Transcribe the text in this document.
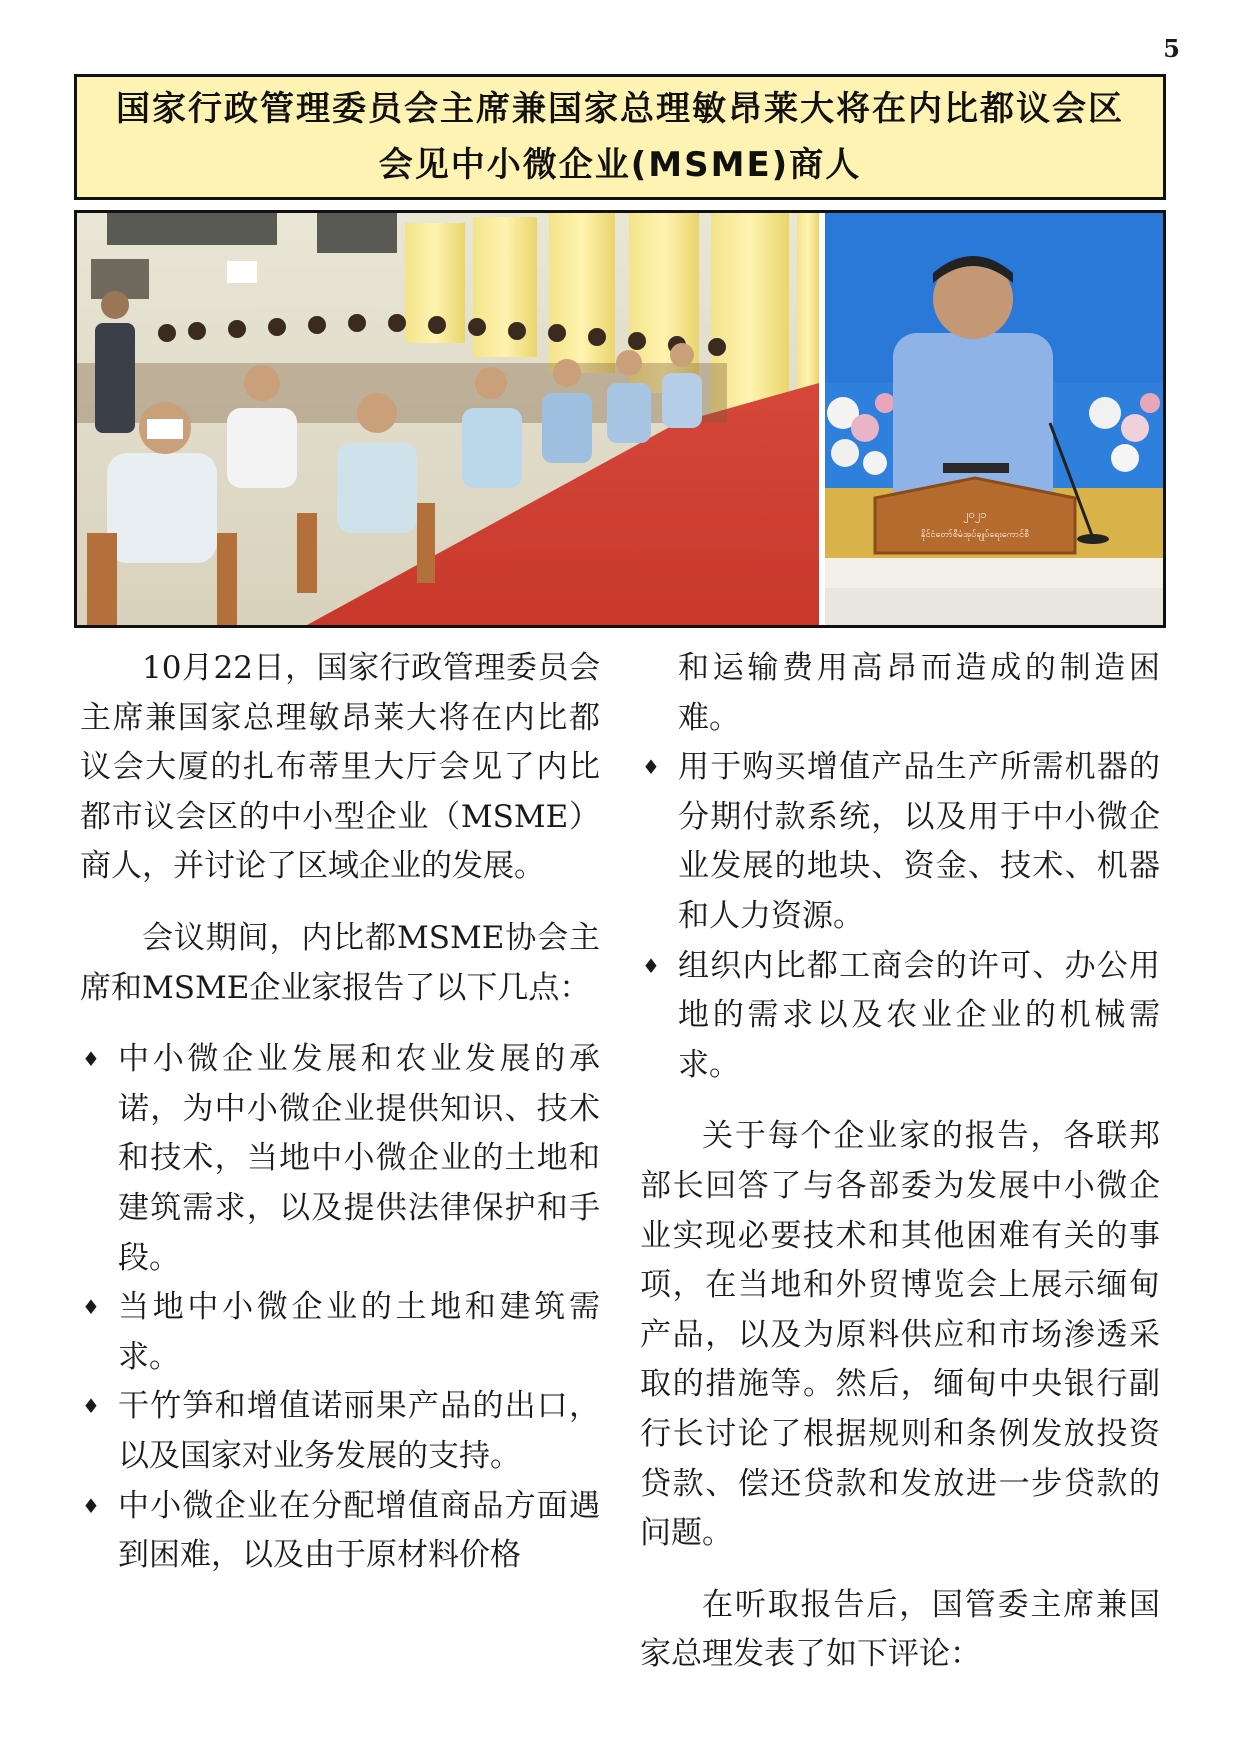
5
国家行政管理委员会主席兼国家总理敏昂莱大将在内比都议会区
会见中小微企业(MSME)商人
၂၀၂၁
နိုင်ငံတော်စီမံအုပ်ချုပ်ရေးကောင်စီ

10月22日，国家行政管理委员会主席兼国家总理敏昂莱大将在内比都议会大厦的扎布蒂里大厅会见了内比都市议会区的中小型企业（MSME）商人，并讨论了区域企业的发展。

会议期间，内比都MSME协会主席和MSME企业家报告了以下几点：

♦ 中小微企业发展和农业发展的承诺，为中小微企业提供知识、技术和技术，当地中小微企业的土地和建筑需求，以及提供法律保护和手段。
♦ 当地中小微企业的土地和建筑需求。
♦ 干竹笋和增值诺丽果产品的出口，以及国家对业务发展的支持。
♦ 中小微企业在分配增值商品方面遇到困难，以及由于原材料价格
和运输费用高昂而造成的制造困难。
♦ 用于购买增值产品生产所需机器的分期付款系统，以及用于中小微企业发展的地块、资金、技术、机器和人力资源。
♦ 组织内比都工商会的许可、办公用地的需求以及农业企业的机械需求。

关于每个企业家的报告，各联邦部长回答了与各部委为发展中小微企业实现必要技术和其他困难有关的事项，在当地和外贸博览会上展示缅甸产品，以及为原料供应和市场渗透采取的措施等。然后，缅甸中央银行副行长讨论了根据规则和条例发放投资贷款、偿还贷款和发放进一步贷款的问题。

在听取报告后，国管委主席兼国家总理发表了如下评论：
